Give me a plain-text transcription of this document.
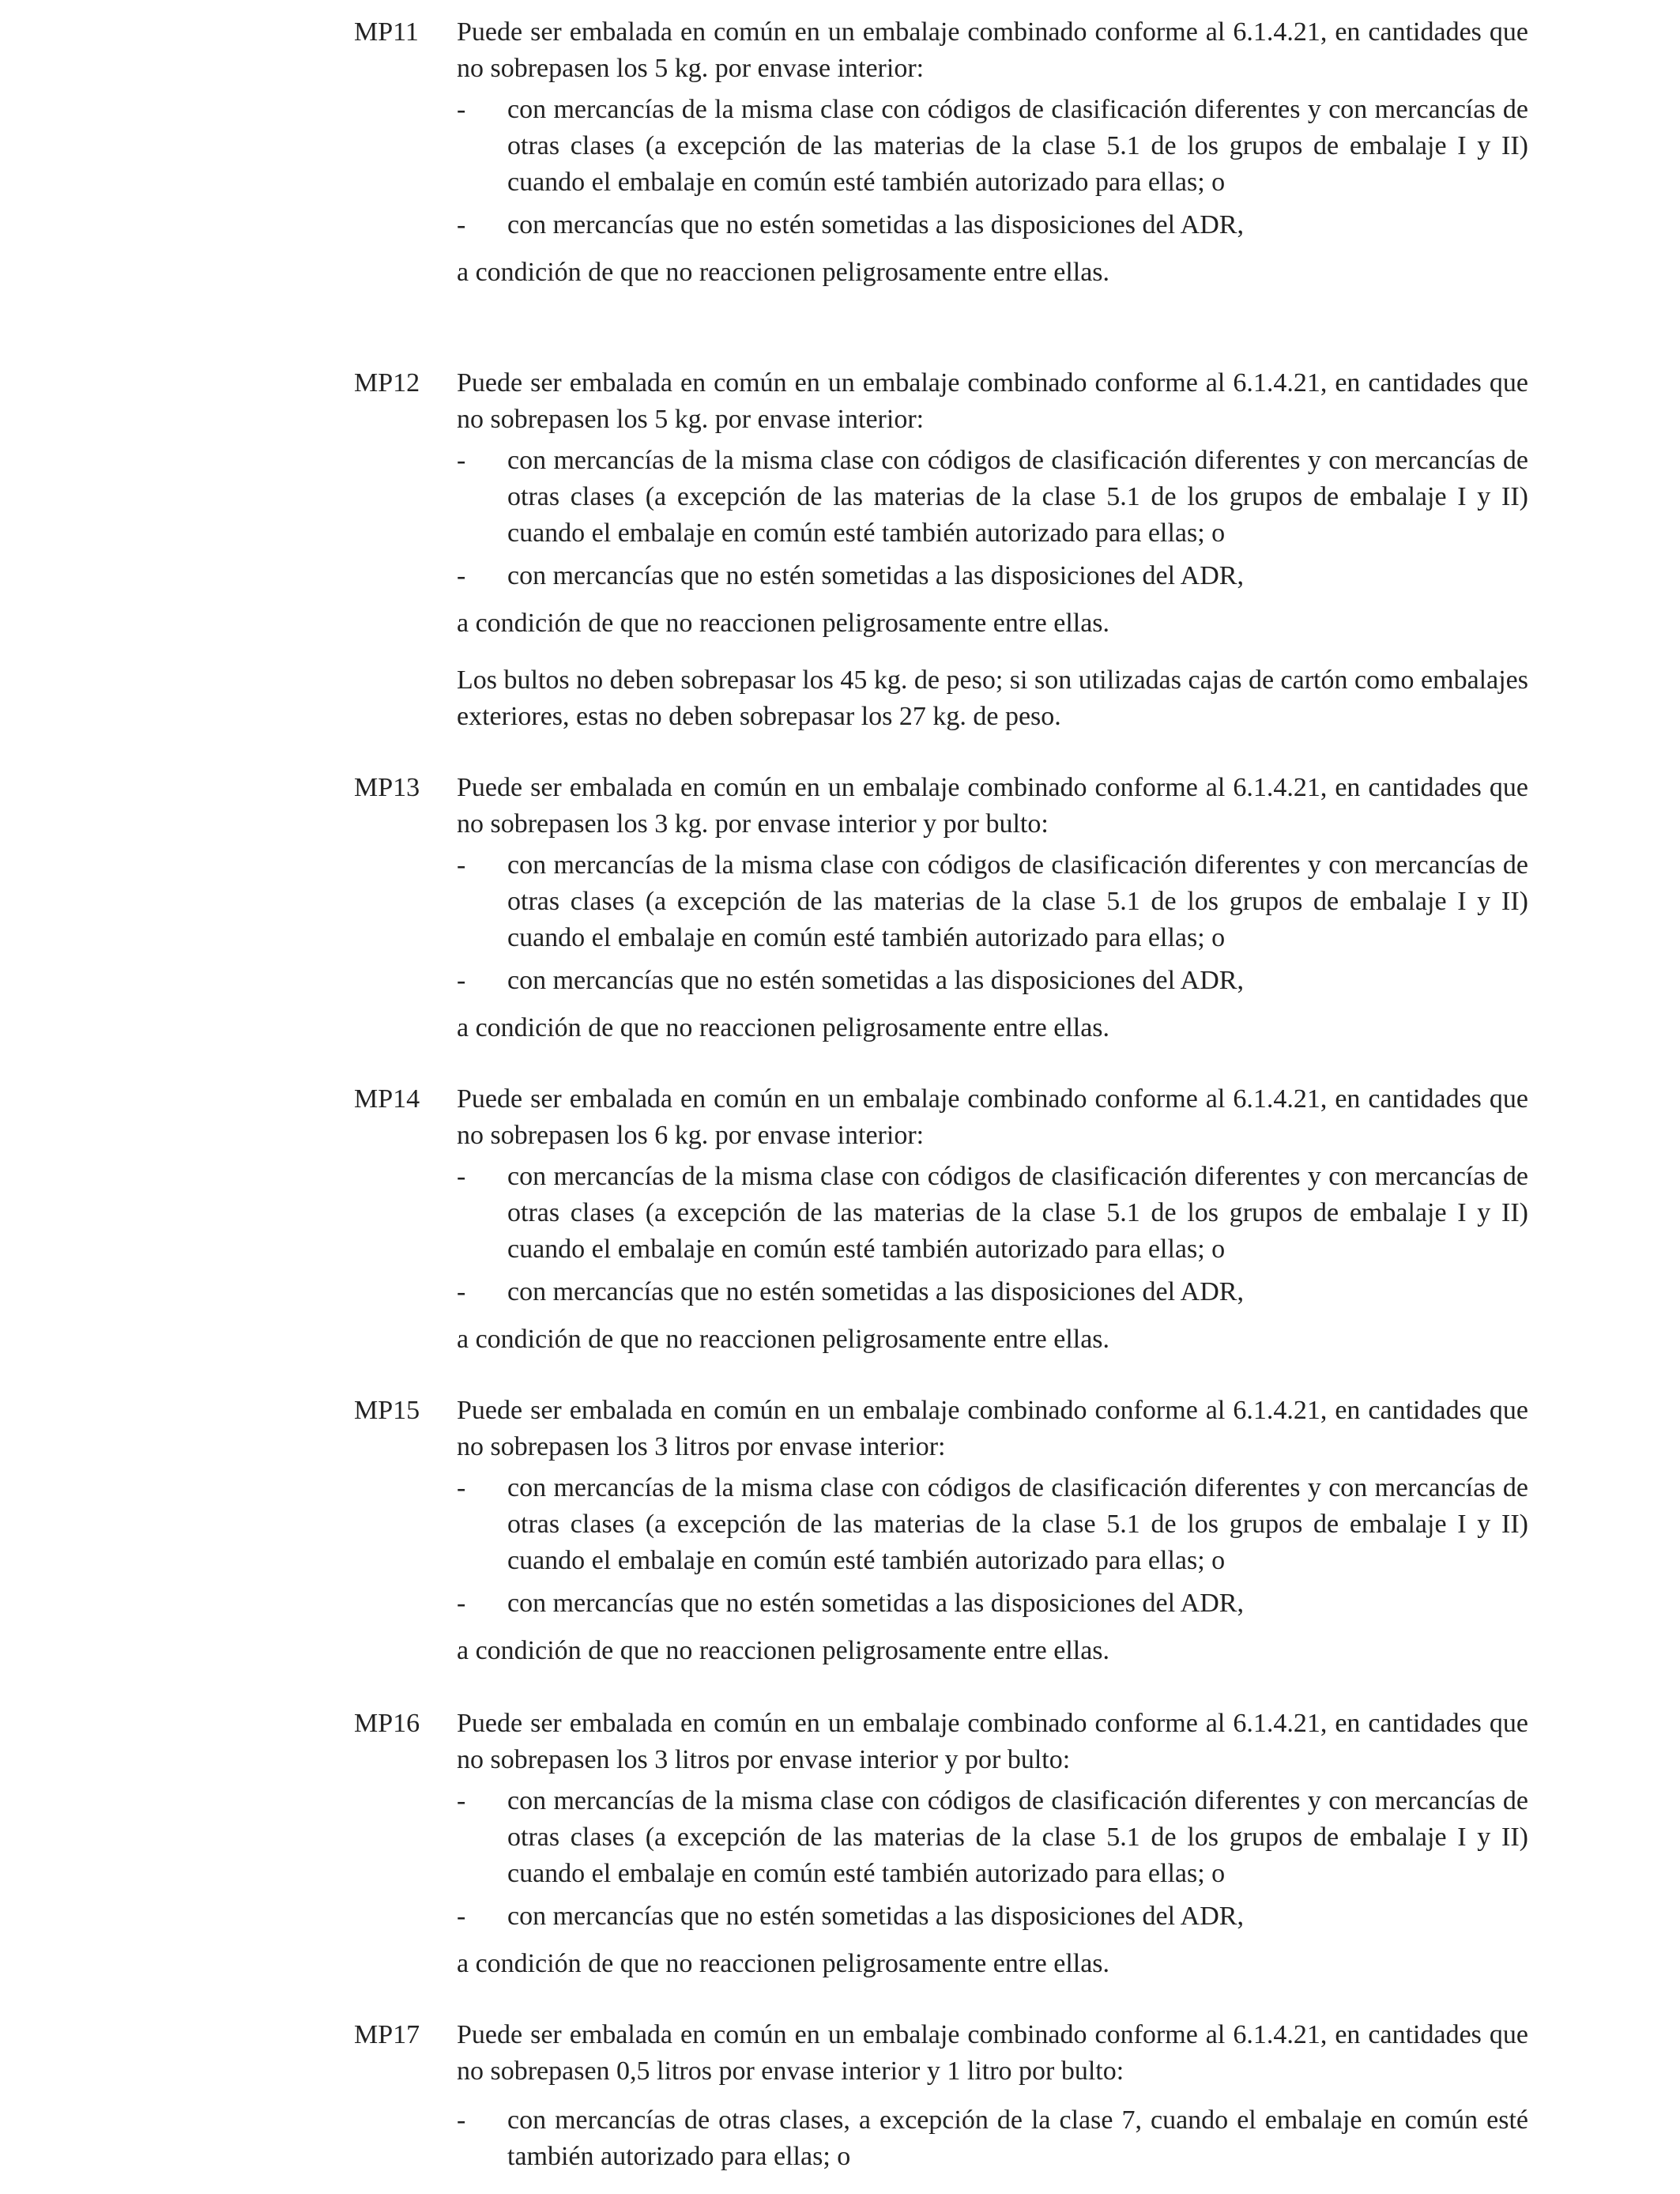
MP11 Puede ser embalada en común en un embalaje combinado conforme al 6.1.4.21, en cantidades que no sobrepasen los 5 kg. por envase interior:

- con mercancías de la misma clase con códigos de clasificación diferentes y con mercancías de otras clases (a excepción de las materias de la clase 5.1 de los grupos de embalaje I y II) cuando el embalaje en común esté también autorizado para ellas; o
- con mercancías que no estén sometidas a las disposiciones del ADR,

a condición de que no reaccionen peligrosamente entre ellas.

MP12 Puede ser embalada en común en un embalaje combinado conforme al 6.1.4.21, en cantidades que no sobrepasen los 5 kg. por envase interior:

- con mercancías de la misma clase con códigos de clasificación diferentes y con mercancías de otras clases (a excepción de las materias de la clase 5.1 de los grupos de embalaje I y II) cuando el embalaje en común esté también autorizado para ellas; o
- con mercancías que no estén sometidas a las disposiciones del ADR,

a condición de que no reaccionen peligrosamente entre ellas.

Los bultos no deben sobrepasar los 45 kg. de peso; si son utilizadas cajas de cartón como embalajes exteriores, estas no deben sobrepasar los 27 kg. de peso.

MP13 Puede ser embalada en común en un embalaje combinado conforme al 6.1.4.21, en cantidades que no sobrepasen los 3 kg. por envase interior y por bulto:

- con mercancías de la misma clase con códigos de clasificación diferentes y con mercancías de otras clases (a excepción de las materias de la clase 5.1 de los grupos de embalaje I y II) cuando el embalaje en común esté también autorizado para ellas; o
- con mercancías que no estén sometidas a las disposiciones del ADR,

a condición de que no reaccionen peligrosamente entre ellas.

MP14 Puede ser embalada en común en un embalaje combinado conforme al 6.1.4.21, en cantidades que no sobrepasen los 6 kg. por envase interior:

- con mercancías de la misma clase con códigos de clasificación diferentes y con mercancías de otras clases (a excepción de las materias de la clase 5.1 de los grupos de embalaje I y II) cuando el embalaje en común esté también autorizado para ellas; o
- con mercancías que no estén sometidas a las disposiciones del ADR,

a condición de que no reaccionen peligrosamente entre ellas.

MP15 Puede ser embalada en común en un embalaje combinado conforme al 6.1.4.21, en cantidades que no sobrepasen los 3 litros por envase interior:

- con mercancías de la misma clase con códigos de clasificación diferentes y con mercancías de otras clases (a excepción de las materias de la clase 5.1 de los grupos de embalaje I y II) cuando el embalaje en común esté también autorizado para ellas; o
- con mercancías que no estén sometidas a las disposiciones del ADR,

a condición de que no reaccionen peligrosamente entre ellas.

MP16 Puede ser embalada en común en un embalaje combinado conforme al 6.1.4.21, en cantidades que no sobrepasen los 3 litros por envase interior y por bulto:

- con mercancías de la misma clase con códigos de clasificación diferentes y con mercancías de otras clases (a excepción de las materias de la clase 5.1 de los grupos de embalaje I y II) cuando el embalaje en común esté también autorizado para ellas; o
- con mercancías que no estén sometidas a las disposiciones del ADR,

a condición de que no reaccionen peligrosamente entre ellas.

MP17 Puede ser embalada en común en un embalaje combinado conforme al 6.1.4.21, en cantidades que no sobrepasen 0,5 litros por envase interior y 1 litro por bulto:

- con mercancías de otras clases, a excepción de la clase 7, cuando el embalaje en común esté también autorizado para ellas; o
